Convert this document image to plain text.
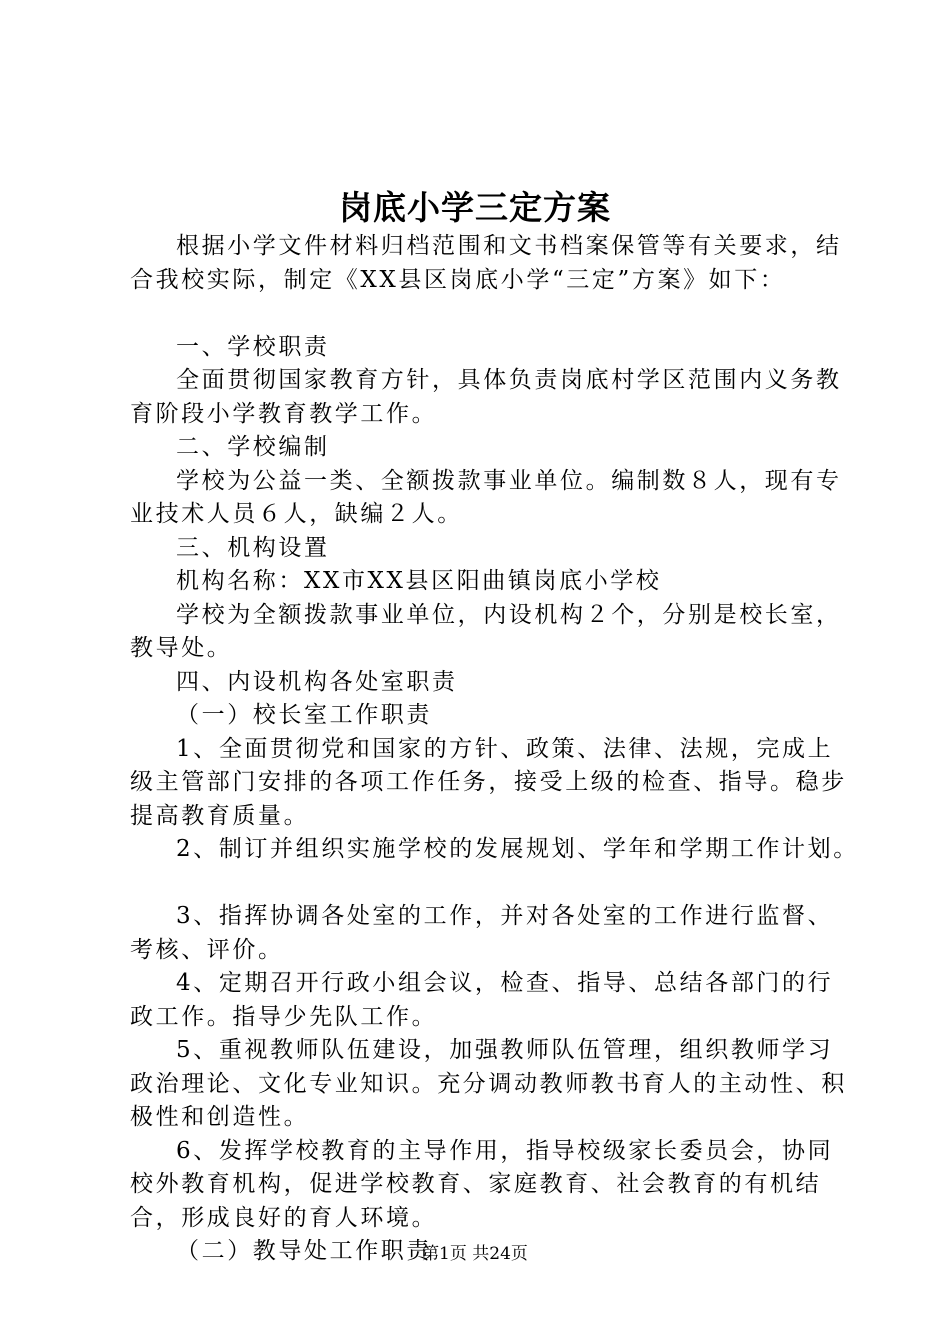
岗底小学三定方案

根据小学文件材料归档范围和文书档案保管等有关要求，结合我校实际，制定《XX县区岗底小学“三定”方案》如下：

一、学校职责

全面贯彻国家教育方针，具体负责岗底村学区范围内义务教育阶段小学教育教学工作。

二、学校编制

学校为公益一类、全额拨款事业单位。编制数８人，现有专业技术人员６人，缺编２人。

三、机构设置

机构名称：XX市XX县区阳曲镇岗底小学校

学校为全额拨款事业单位，内设机构２个，分别是校长室，教导处。

四、内设机构各处室职责

（一）校长室工作职责

1、全面贯彻党和国家的方针、政策、法律、法规，完成上级主管部门安排的各项工作任务，接受上级的检查、指导。稳步提高教育质量。

2、制订并组织实施学校的发展规划、学年和学期工作计划。

3、指挥协调各处室的工作，并对各处室的工作进行监督、考核、评价。

4、定期召开行政小组会议，检查、指导、总结各部门的行政工作。指导少先队工作。

5、重视教师队伍建设，加强教师队伍管理，组织教师学习政治理论、文化专业知识。充分调动教师教书育人的主动性、积极性和创造性。

6、发挥学校教育的主导作用，指导校级家长委员会，协同校外教育机构，促进学校教育、家庭教育、社会教育的有机结合，形成良好的育人环境。

（二）教导处工作职责

第1页 共24页
